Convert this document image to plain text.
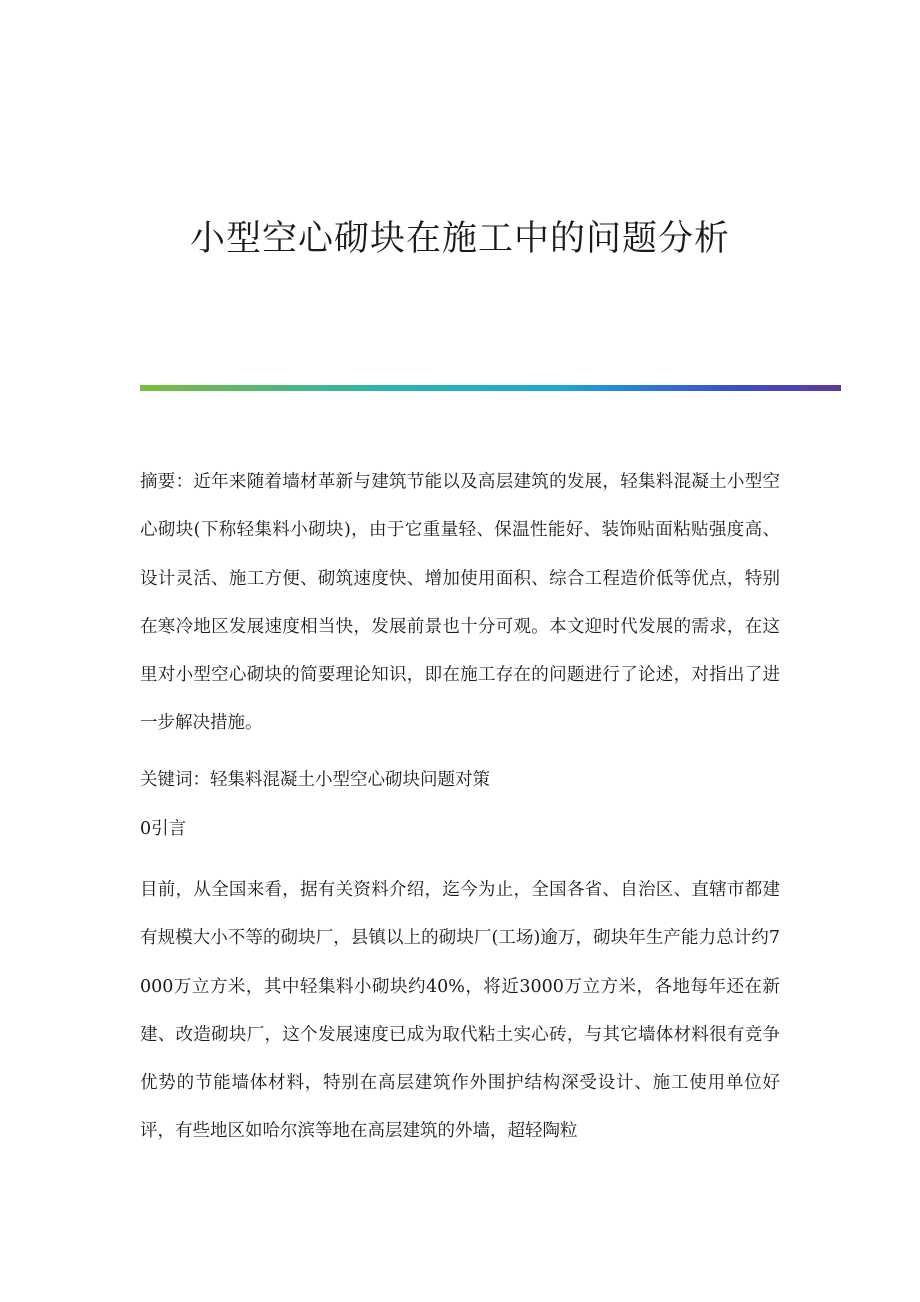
小型空心砌块在施工中的问题分析

摘要：近年来随着墙材革新与建筑节能以及高层建筑的发展，轻集料混凝土小型空心砌块(下称轻集料小砌块)，由于它重量轻、保温性能好、装饰贴面粘贴强度高、设计灵活、施工方便、砌筑速度快、增加使用面积、综合工程造价低等优点，特别在寒冷地区发展速度相当快，发展前景也十分可观。本文迎时代发展的需求，在这里对小型空心砌块的简要理论知识，即在施工存在的问题进行了论述，对指出了进一步解决措施。

关键词：轻集料混凝土小型空心砌块问题对策

0引言

目前，从全国来看，据有关资料介绍，迄今为止，全国各省、自治区、直辖市都建有规模大小不等的砌块厂，县镇以上的砌块厂(工场)逾万，砌块年生产能力总计约7000万立方米，其中轻集料小砌块约40%，将近3000万立方米，各地每年还在新建、改造砌块厂，这个发展速度已成为取代粘土实心砖，与其它墙体材料很有竞争优势的节能墙体材料，特别在高层建筑作外围护结构深受设计、施工使用单位好评，有些地区如哈尔滨等地在高层建筑的外墙，超轻陶粒
